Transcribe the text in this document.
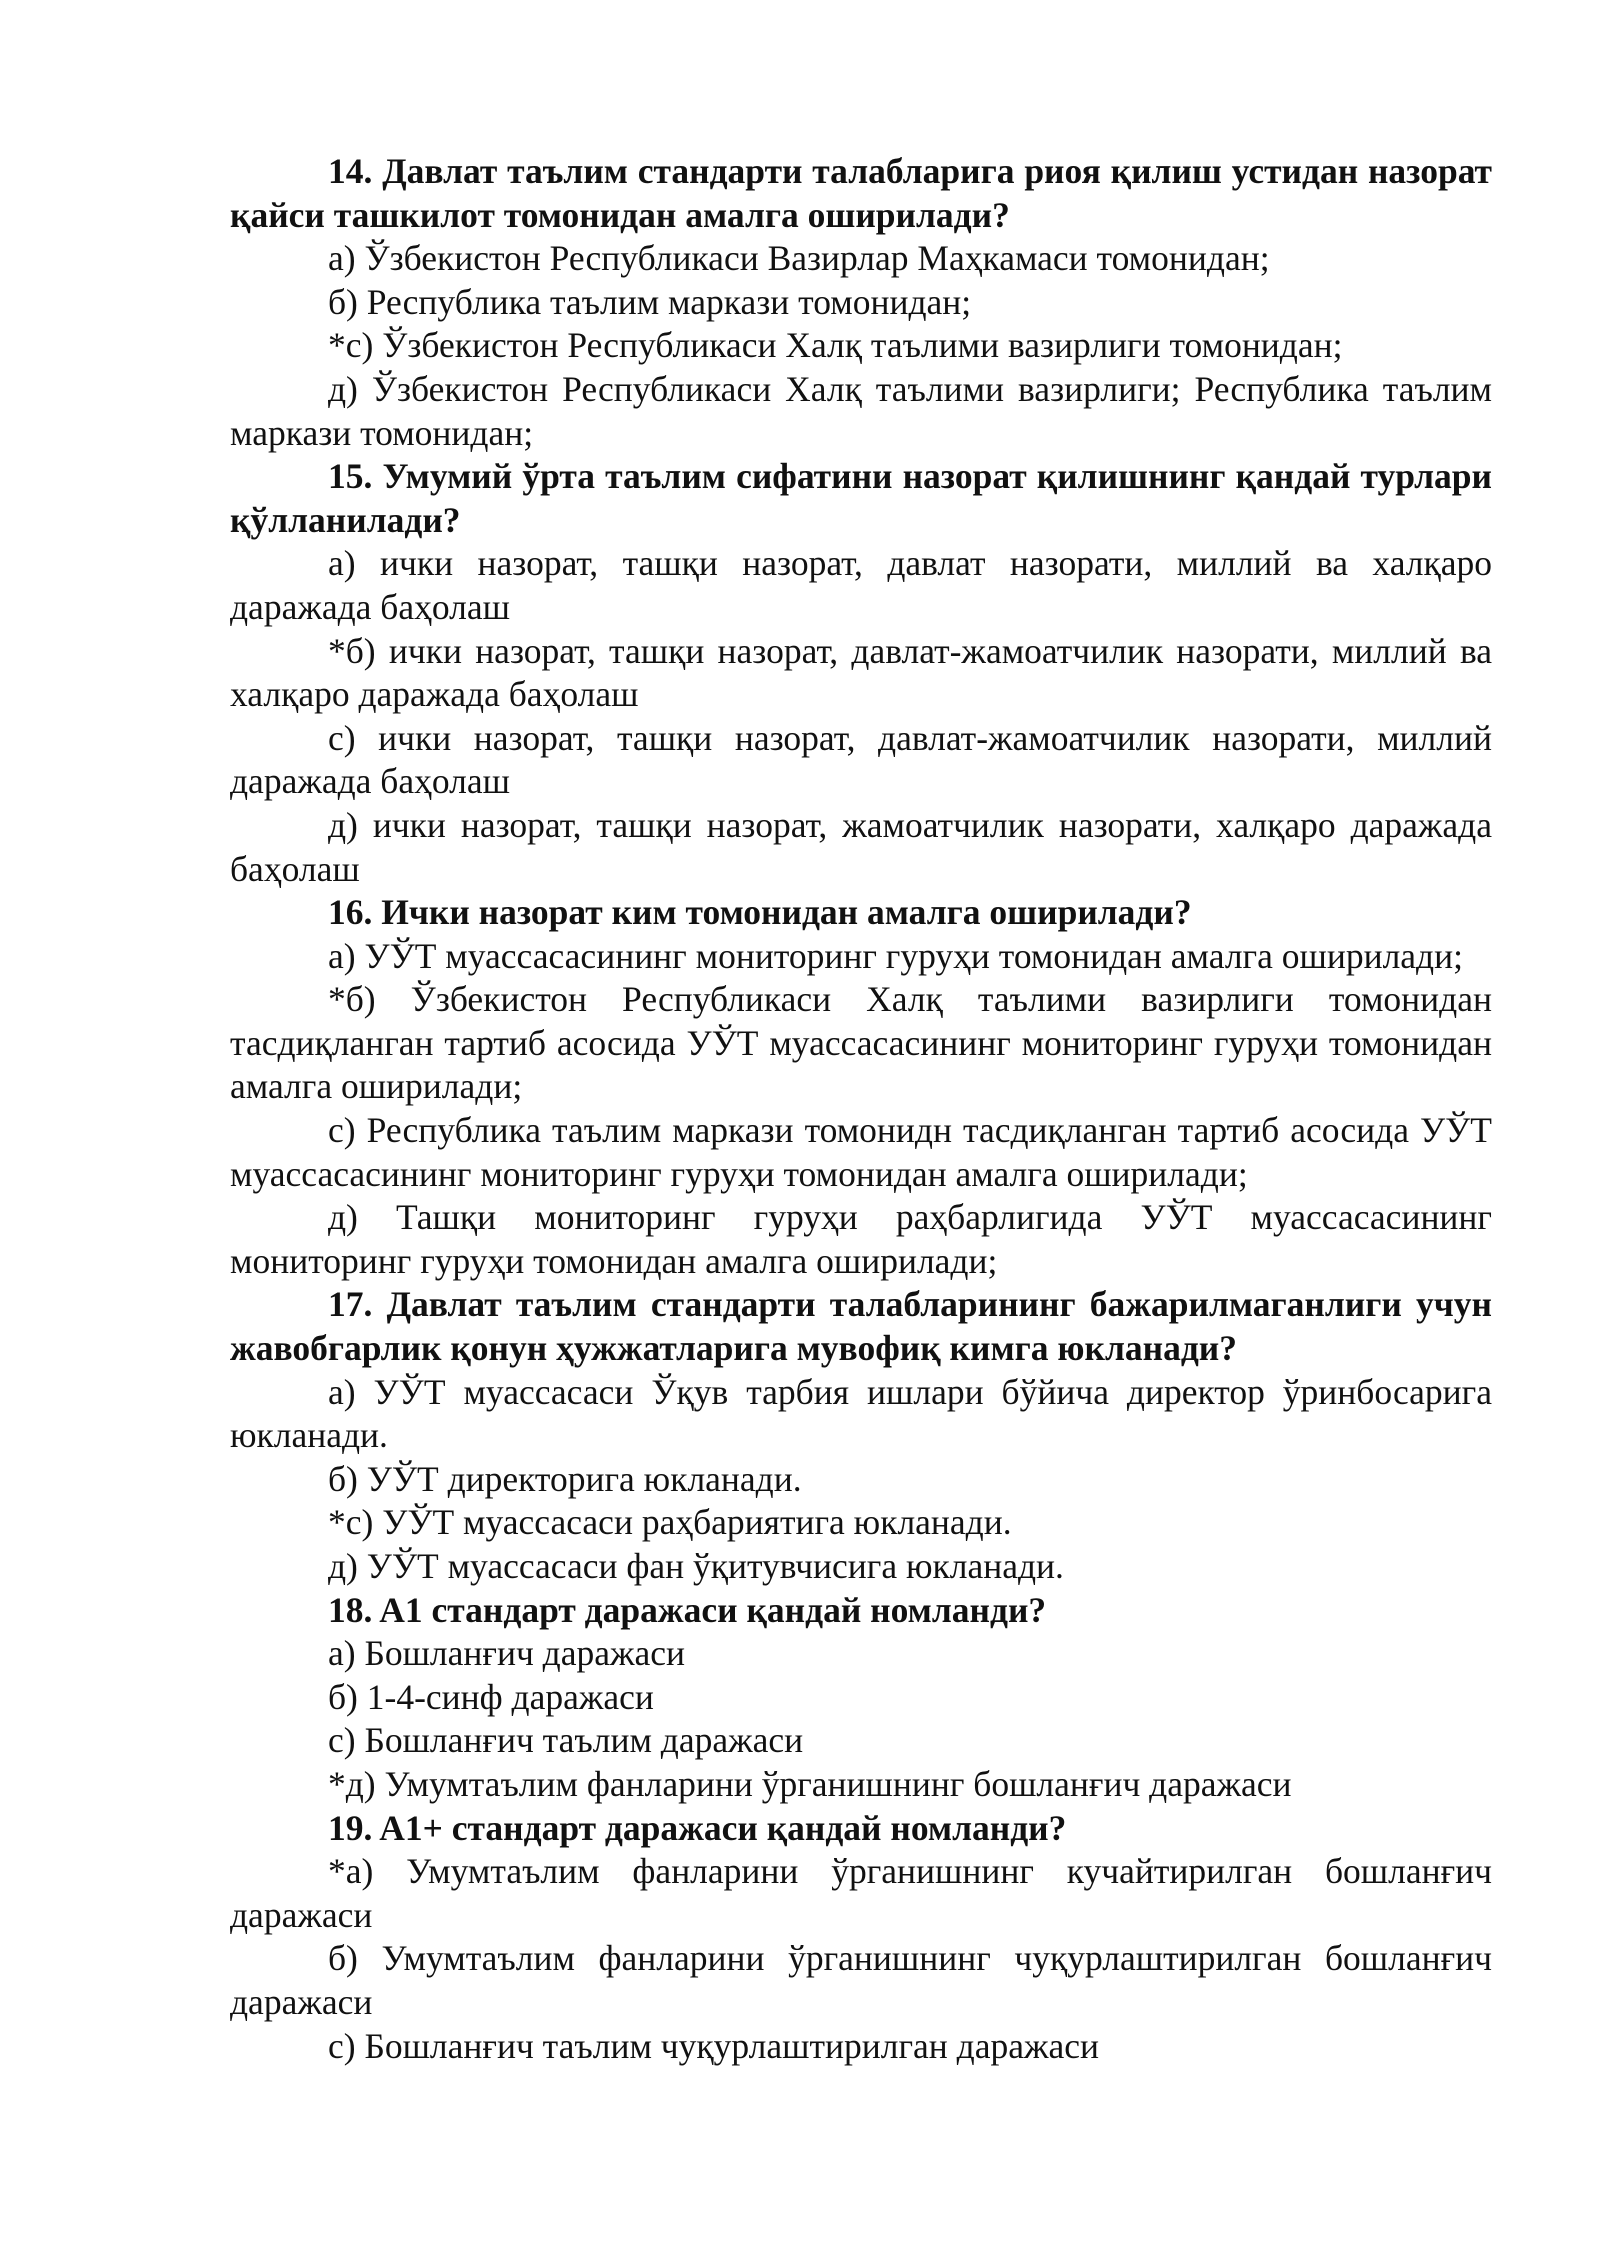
14. Давлат таълим стандарти талабларига риоя қилиш устидан назорат қайси ташкилот томонидан амалга оширилади?

а) Ўзбекистон Республикаси Вазирлар Маҳкамаси томонидан;

б) Республика таълим маркази томонидан;

*с) Ўзбекистон Республикаси Халқ таълими вазирлиги томонидан;

д) Ўзбекистон Республикаси Халқ таълими вазирлиги; Республика таълим маркази томонидан;

15. Умумий ўрта таълим сифатини назорат қилишнинг қандай турлари қўлланилади?

а) ички назорат, ташқи назорат, давлат назорати, миллий ва халқаро даражада баҳолаш

*б) ички назорат, ташқи назорат, давлат-жамоатчилик назорати, миллий ва халқаро даражада баҳолаш

с) ички назорат, ташқи назорат, давлат-жамоатчилик назорати, миллий даражада баҳолаш

д) ички назорат, ташқи назорат, жамоатчилик назорати, халқаро даражада баҳолаш

16. Ички назорат ким томонидан амалга оширилади?

а) УЎТ муассасасининг мониторинг гуруҳи томонидан амалга оширилади;

*б) Ўзбекистон Республикаси Халқ таълими вазирлиги томонидан тасдиқланган тартиб асосида УЎТ муассасасининг мониторинг гуруҳи томонидан амалга оширилади;

с) Республика таълим маркази томонидн тасдиқланган тартиб асосида УЎТ муассасасининг мониторинг гуруҳи томонидан амалга оширилади;

д) Ташқи мониторинг гуруҳи раҳбарлигида УЎТ муассасасининг мониторинг гуруҳи томонидан амалга оширилади;

17. Давлат таълим стандарти талабларининг бажарилмаганлиги учун жавобгарлик қонун ҳужжатларига мувофиқ кимга юкланади?

а) УЎТ муассасаси Ўқув тарбия ишлари бўйича директор ўринбосарига юкланади.

б) УЎТ директорига юкланади.

*с) УЎТ муассасаси раҳбариятига юкланади.

д) УЎТ муассасаси фан ўқитувчисига юкланади.

18. A1 стандарт даражаси қандай номланди?

а) Бошланғич даражаси

б) 1-4-синф даражаси

с) Бошланғич таълим даражаси

*д) Умумтаълим фанларини ўрганишнинг бошланғич даражаси

19. A1+ стандарт даражаси қандай номланди?

*а) Умумтаълим фанларини ўрганишнинг кучайтирилган бошланғич даражаси

б) Умумтаълим фанларини ўрганишнинг чуқурлаштирилган бошланғич даражаси

с) Бошланғич таълим чуқурлаштирилган даражаси
